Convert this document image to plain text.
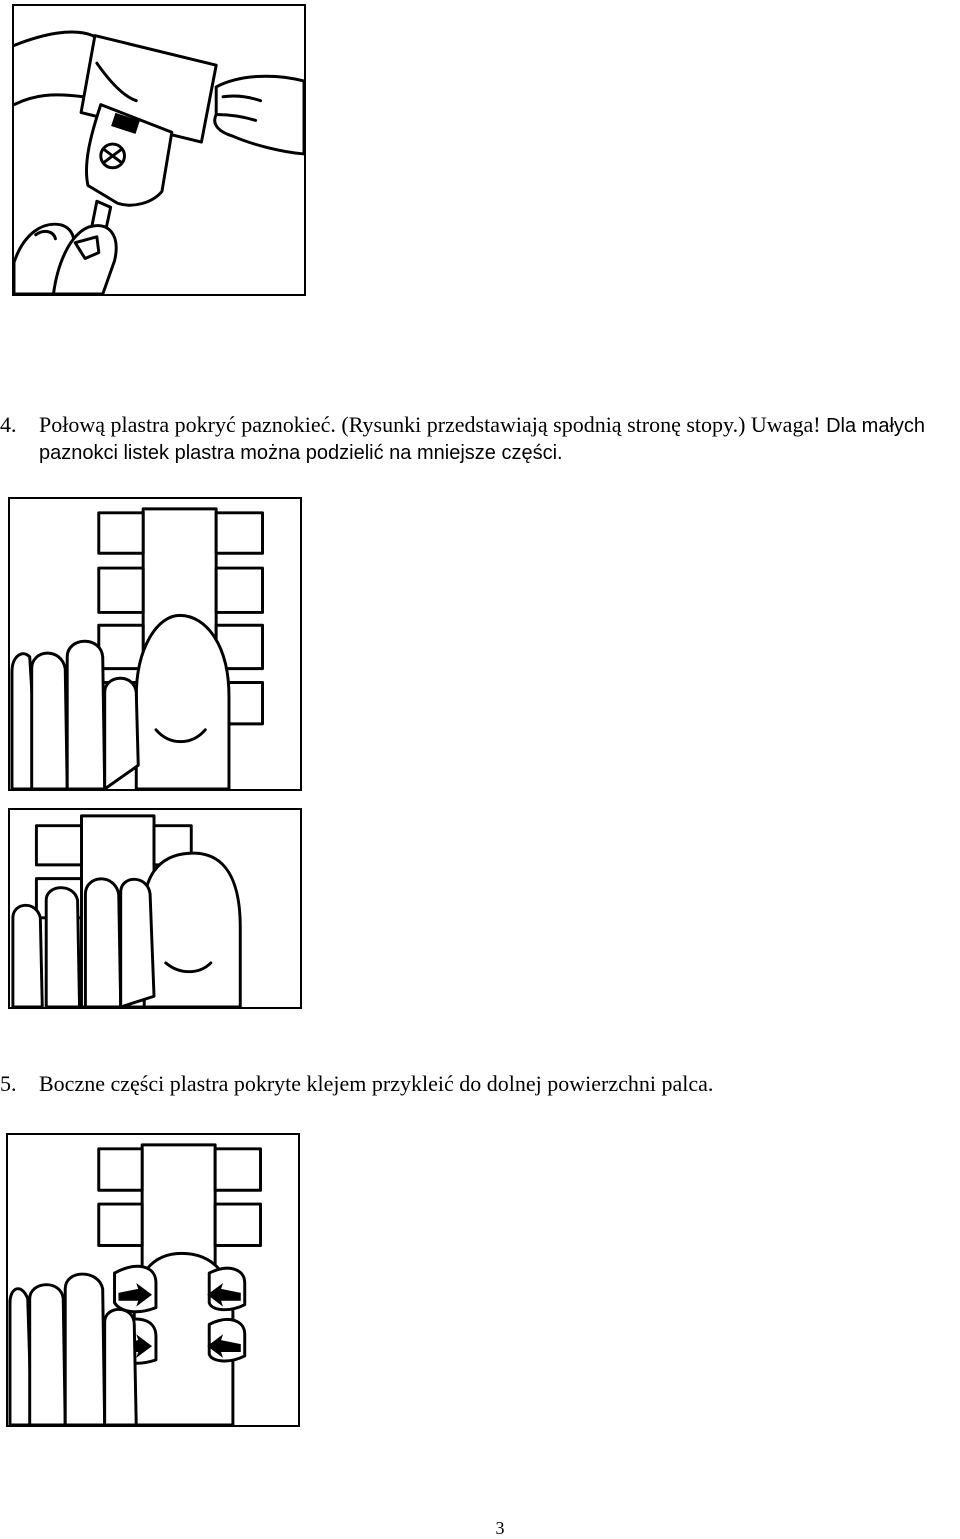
4. Połową plastra pokryć paznokieć. (Rysunki przedstawiają spodnią stronę stopy.) Uwaga! Dla małych
paznokci listek plastra można podzielić na mniejsze części.
5. Boczne części plastra pokryte klejem przykleić do dolnej powierzchni palca.
3
